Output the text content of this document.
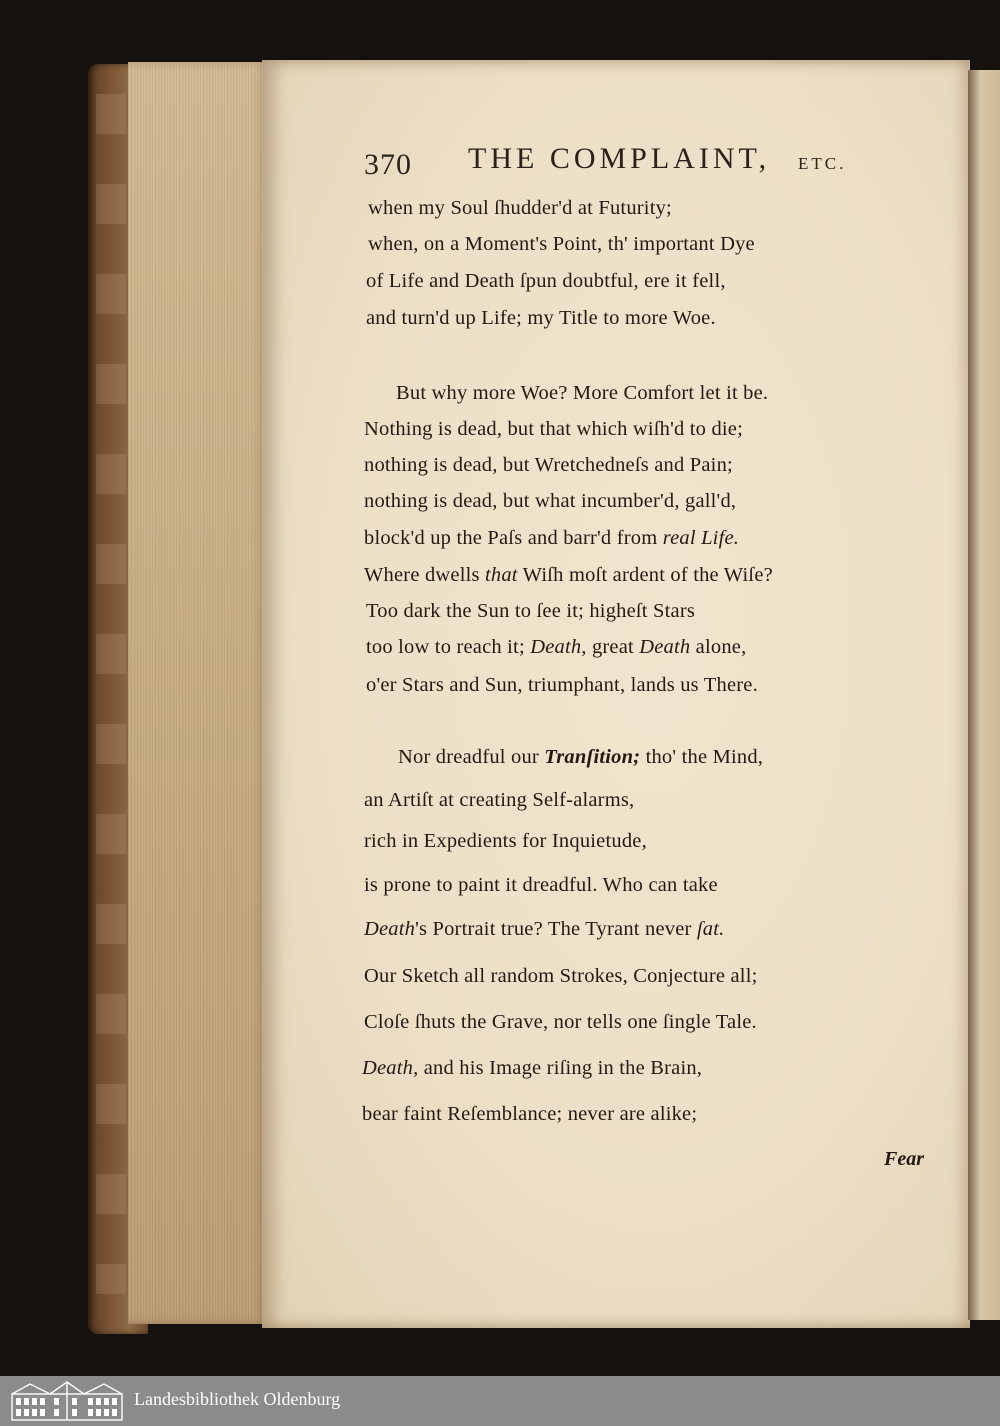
370 THE COMPLAINT, ETC.
when my Soul ſhudder'd at Futurity;
when, on a Moment's Point, th' important Dye
of Life and Death ſpun doubtful, ere it fell,
and turn'd up Life; my Title to more Woe.
But why more Woe? More Comfort let it be.
Nothing is dead, but that which wiſh'd to die;
nothing is dead, but Wretchedneſs and Pain;
nothing is dead, but what incumber'd, gall'd,
block'd up the Paſs and barr'd from real Life.
Where dwells that Wiſh moſt ardent of the Wiſe?
Too dark the Sun to ſee it; higheſt Stars
too low to reach it; Death, great Death alone,
o'er Stars and Sun, triumphant, lands us There.
Nor dreadful our Tranſition; tho' the Mind,
an Artiſt at creating Self-alarms,
rich in Expedients for Inquietude,
is prone to paint it dreadful. Who can take
Death's Portrait true? The Tyrant never ſat.
Our Sketch all random Strokes, Conjecture all;
Cloſe ſhuts the Grave, nor tells one ſingle Tale.
Death, and his Image riſing in the Brain,
bear faint Reſemblance; never are alike;
Fear
Landesbibliothek Oldenburg
